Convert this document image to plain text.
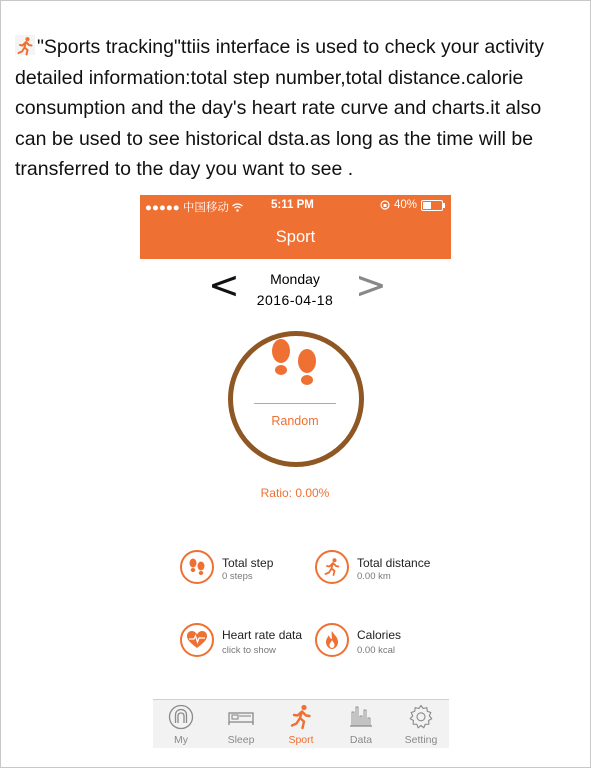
"Sports tracking"ttiis interface is used to check your activity
detailed information:total step number,total distance.calorie
consumption and the day's heart rate curve and charts.it also
can be used to see historical dsta.as long as the time will be
transferred to the day you want to see .
●●●●● 中国移动	5:11 PM	40%
Sport
<	Monday
2016-04-18 >
Random
Ratio: 0.00%
Total step
0 steps
Total distance
0.00 km
Heart rate data
click to show
Calories
0.00 kcal
My	Sleep	Sport	Data	Setting
